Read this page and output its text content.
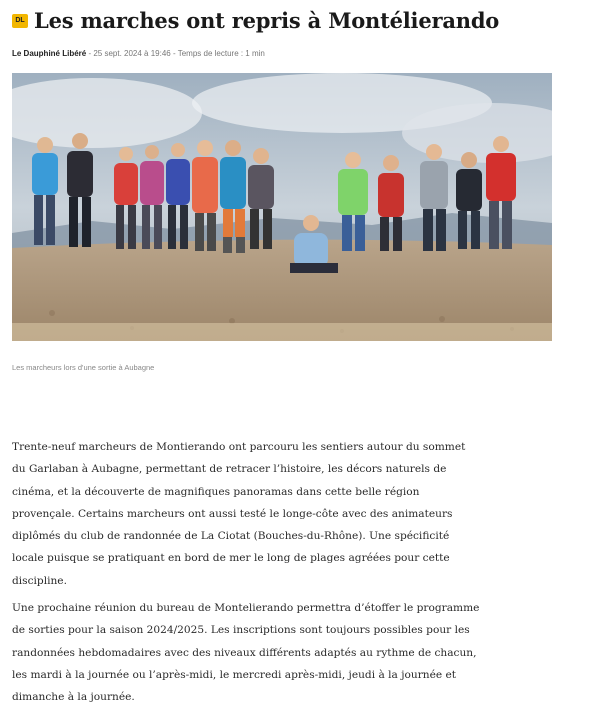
DL Les marches ont repris à Montélierando
Le Dauphiné Libéré - 25 sept. 2024 à 19:46 - Temps de lecture : 1 min
Les marcheurs lors d'une sortie à Aubagne

Trente-neuf marcheurs de Montierando ont parcouru les sentiers autour du sommet du Garlaban à Aubagne, permettant de retracer l’histoire, les décors naturels de cinéma, et la découverte de magnifiques panoramas dans cette belle région provençale. Certains marcheurs ont aussi testé le longe-côte avec des animateurs diplômés du club de randonnée de La Ciotat (Bouches-du-Rhône). Une spécificité locale puisque se pratiquant en bord de mer le long de plages agréées pour cette discipline.

Une prochaine réunion du bureau de Montelierando permettra d’étoffer le programme de sorties pour la saison 2024/2025. Les inscriptions sont toujours possibles pour les randonnées hebdomadaires avec des niveaux différents adaptés au rythme de chacun, les mardi à la journée ou l’après-midi, le mercredi après-midi, jeudi à la journée et dimanche à la journée.
